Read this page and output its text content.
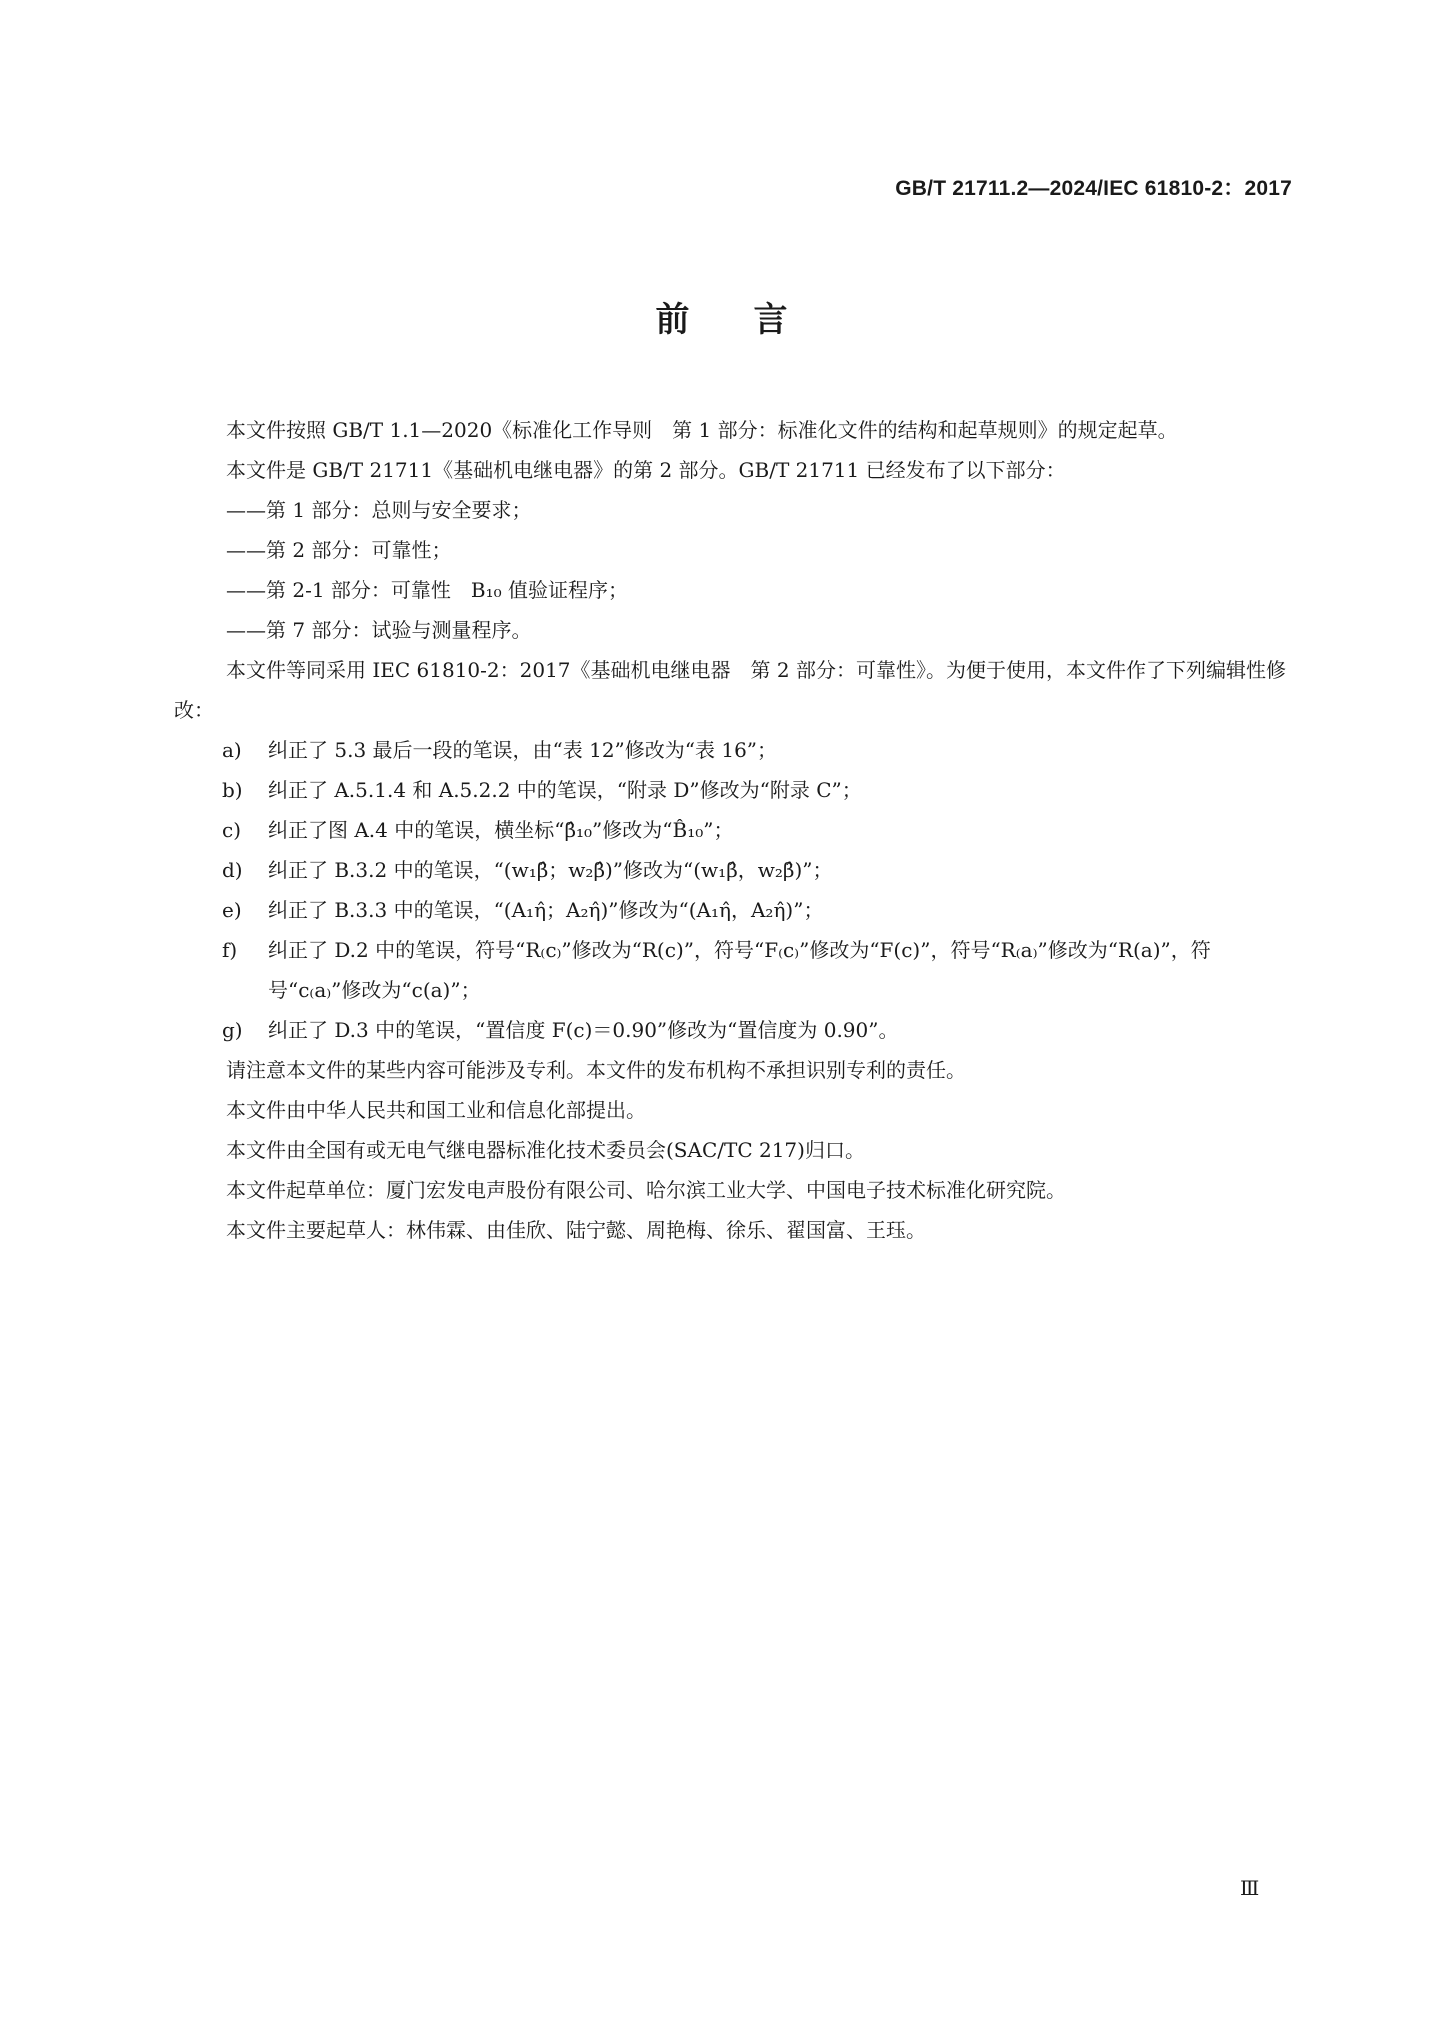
GB/T 21711.2—2024/IEC 61810-2：2017
前 言

本文件按照 GB/T 1.1—2020《标准化工作导则　第 1 部分：标准化文件的结构和起草规则》的规定起草。

本文件是 GB/T 21711《基础机电继电器》的第 2 部分。GB/T 21711 已经发布了以下部分：

——第 1 部分：总则与安全要求；

——第 2 部分：可靠性；

——第 2-1 部分：可靠性　B₁₀ 值验证程序；

——第 7 部分：试验与测量程序。

本文件等同采用 IEC 61810-2：2017《基础机电继电器　第 2 部分：可靠性》。为便于使用，本文件作了下列编辑性修改：

a) 纠正了 5.3 最后一段的笔误，由“表 12”修改为“表 16”；

b) 纠正了 A.5.1.4 和 A.5.2.2 中的笔误，“附录 D”修改为“附录 C”；

c) 纠正了图 A.4 中的笔误，横坐标“β̂₁₀”修改为“B̂₁₀”；

d) 纠正了 B.3.2 中的笔误，“(w₁β̂；w₂β̂)”修改为“(w₁β̂，w₂β̂)”；

e) 纠正了 B.3.3 中的笔误，“(A₁η̂；A₂η̂)”修改为“(A₁η̂，A₂η̂)”；

f) 纠正了 D.2 中的笔误，符号“R₍c₎”修改为“R(c)”，符号“F₍c₎”修改为“F(c)”，符号“R₍a₎”修改为“R(a)”，符号“c₍a₎”修改为“c(a)”；

g) 纠正了 D.3 中的笔误，“置信度 F(c)＝0.90”修改为“置信度为 0.90”。

请注意本文件的某些内容可能涉及专利。本文件的发布机构不承担识别专利的责任。

本文件由中华人民共和国工业和信息化部提出。

本文件由全国有或无电气继电器标准化技术委员会(SAC/TC 217)归口。

本文件起草单位：厦门宏发电声股份有限公司、哈尔滨工业大学、中国电子技术标准化研究院。

本文件主要起草人：林伟霖、由佳欣、陆宁懿、周艳梅、徐乐、翟国富、王珏。

Ⅲ
